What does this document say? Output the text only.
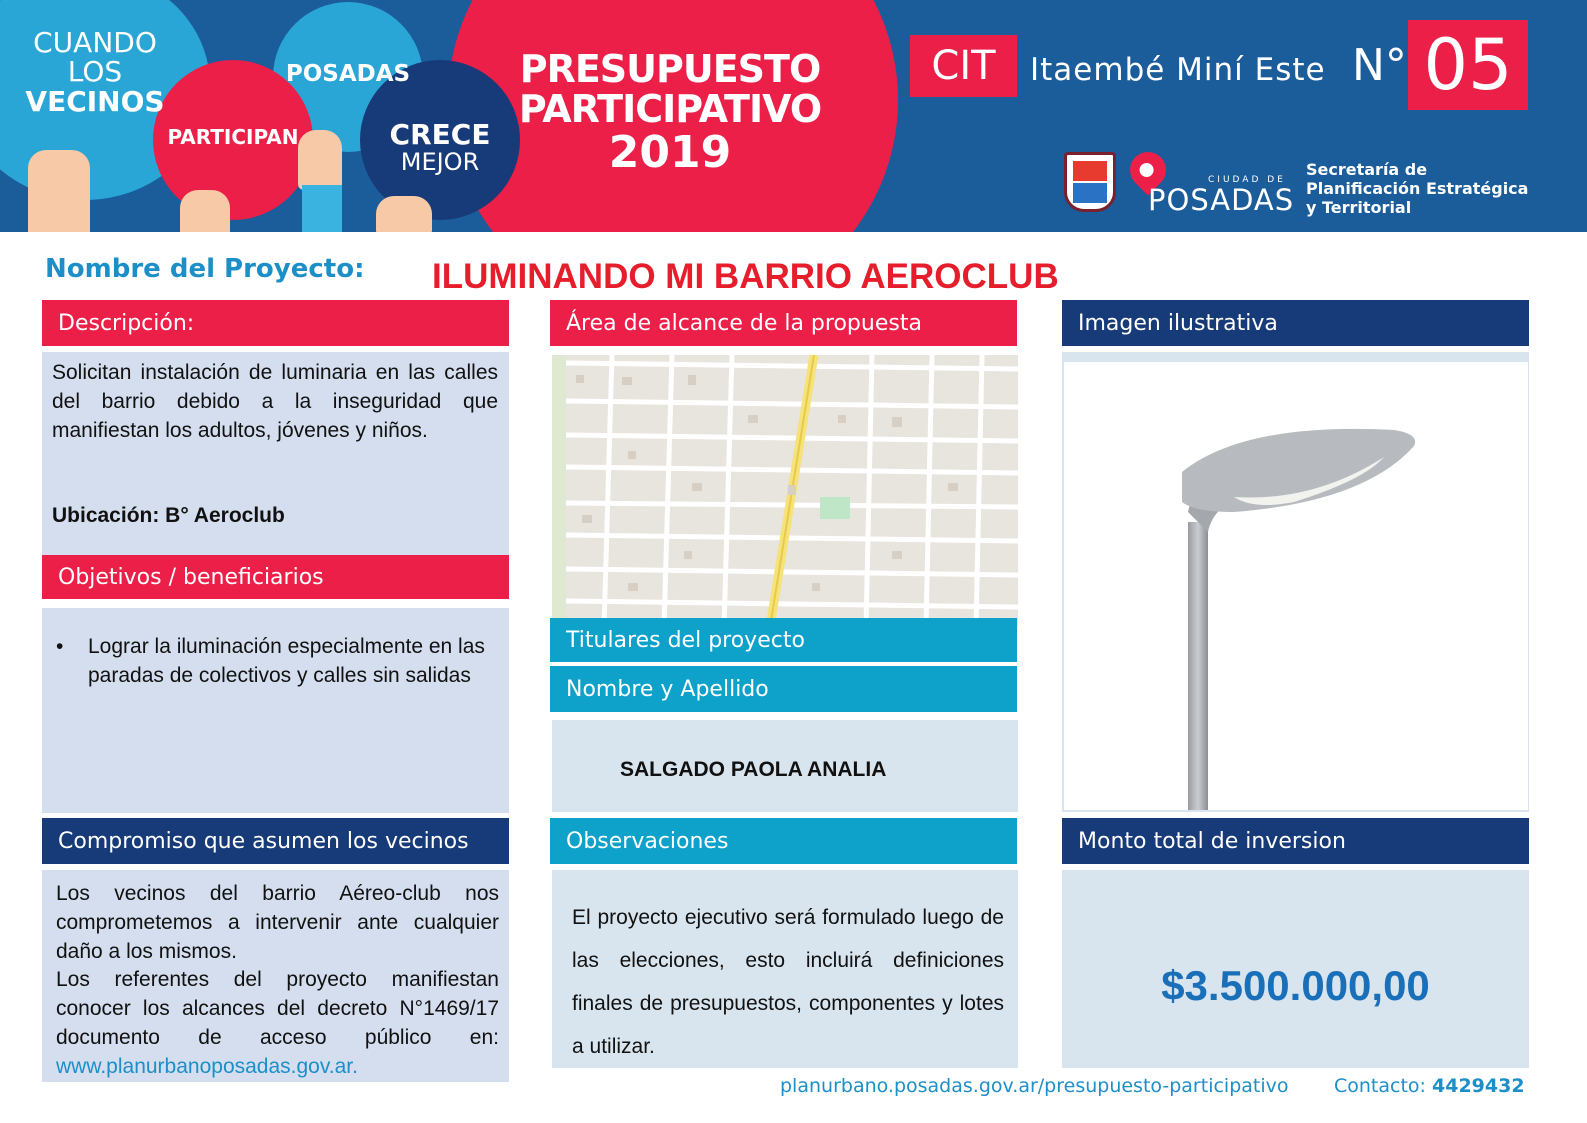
CUANDO
LOS
VECINOS
POSADAS
PARTICIPAN	CRECE
MEJOR
PRESUPUESTO
PARTICIPATIVO
2019
CIT	Itaembé Miní Este N° 05
CIUDAD DE
POSADAS
Secretaría de
Planificación Estratégica
y Territorial
Nombre del Proyecto: ILUMINANDO MI BARRIO AEROCLUB
Descripción:
Solicitan instalación de luminaria en las calles del barrio debido a la inseguridad que manifiestan los adultos, jóvenes y niños.
Ubicación: B° Aeroclub
Objetivos / beneficiarios
•	Lograr la iluminación especialmente en las paradas de colectivos y calles sin salidas
Compromiso que asumen los vecinos
Los vecinos del barrio Aéreo-club nos comprometemos a intervenir ante cualquier daño a los mismos.
Los referentes del proyecto manifiestan conocer los alcances del decreto N°1469/17 documento de acceso público en: www.planurbanoposadas.gov.ar.
Área de alcance de la propuesta
Titulares del proyecto
Nombre y Apellido
SALGADO PAOLA ANALIA
Observaciones
El proyecto ejecutivo será formulado luego de las elecciones, esto incluirá definiciones finales de presupuestos, componentes y lotes a utilizar.
Imagen ilustrativa
Monto total de inversion
$3.500.000,00
planurbano.posadas.gov.ar/presupuesto-participativo Contacto: 4429432
